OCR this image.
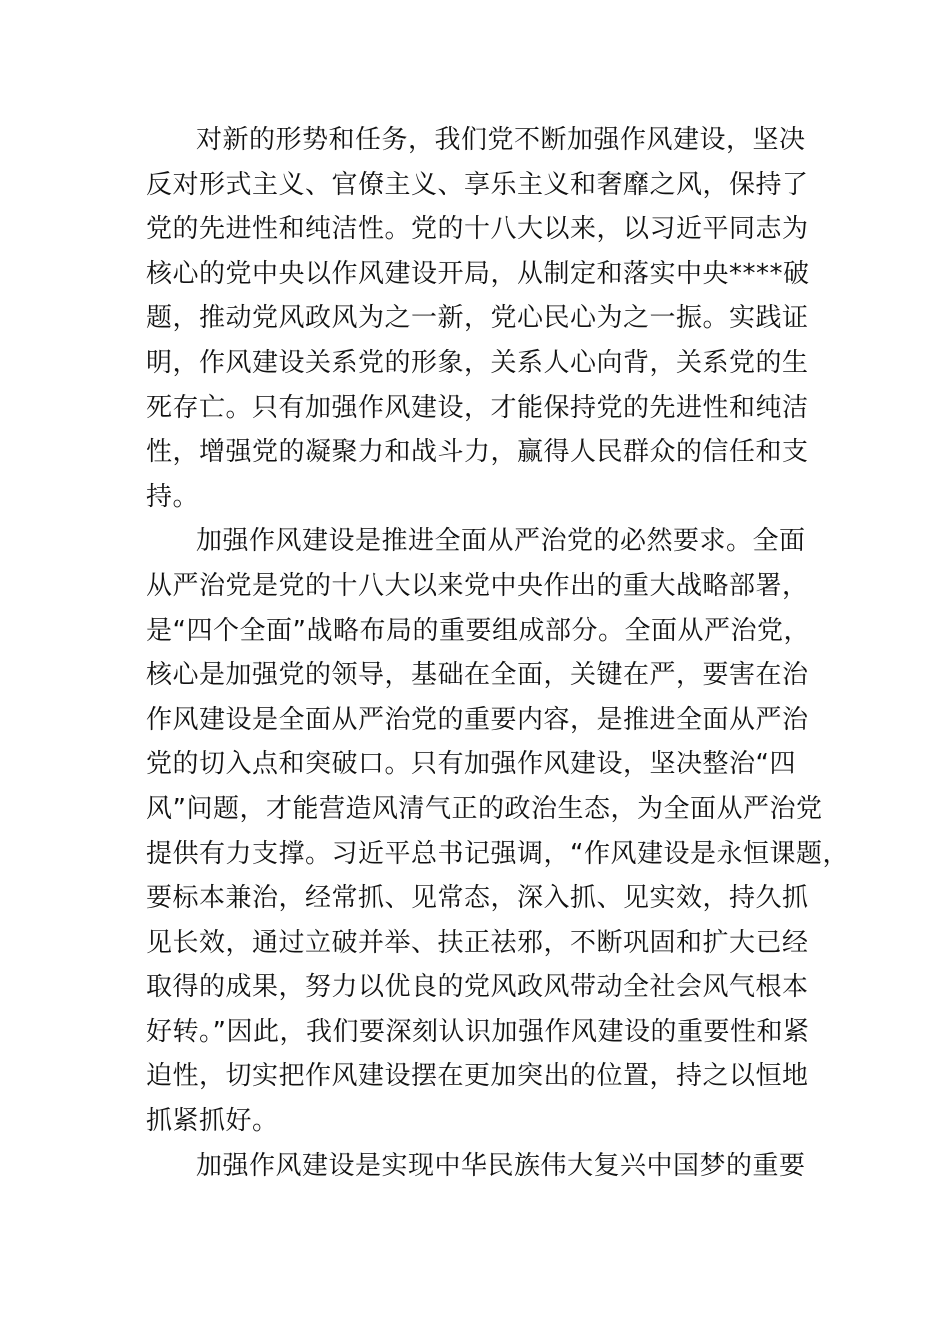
对新的形势和任务，我们党不断加强作风建设，坚决
反对形式主义、官僚主义、享乐主义和奢靡之风，保持了
党的先进性和纯洁性。党的十八大以来，以习近平同志为
核心的党中央以作风建设开局，从制定和落实中央****破
题，推动党风政风为之一新，党心民心为之一振。实践证
明，作风建设关系党的形象，关系人心向背，关系党的生
死存亡。只有加强作风建设，才能保持党的先进性和纯洁
性，增强党的凝聚力和战斗力，赢得人民群众的信任和支
持。
加强作风建设是推进全面从严治党的必然要求。全面
从严治党是党的十八大以来党中央作出的重大战略部署，
是“四个全面”战略布局的重要组成部分。全面从严治党，
核心是加强党的领导，基础在全面，关键在严，要害在治
作风建设是全面从严治党的重要内容，是推进全面从严治
党的切入点和突破口。只有加强作风建设，坚决整治“四
风”问题，才能营造风清气正的政治生态，为全面从严治党
提供有力支撑。习近平总书记强调，“作风建设是永恒课题，
要标本兼治，经常抓、见常态，深入抓、见实效，持久抓
见长效，通过立破并举、扶正祛邪，不断巩固和扩大已经
取得的成果，努力以优良的党风政风带动全社会风气根本
好转。”因此，我们要深刻认识加强作风建设的重要性和紧
迫性，切实把作风建设摆在更加突出的位置，持之以恒地
抓紧抓好。
加强作风建设是实现中华民族伟大复兴中国梦的重要
